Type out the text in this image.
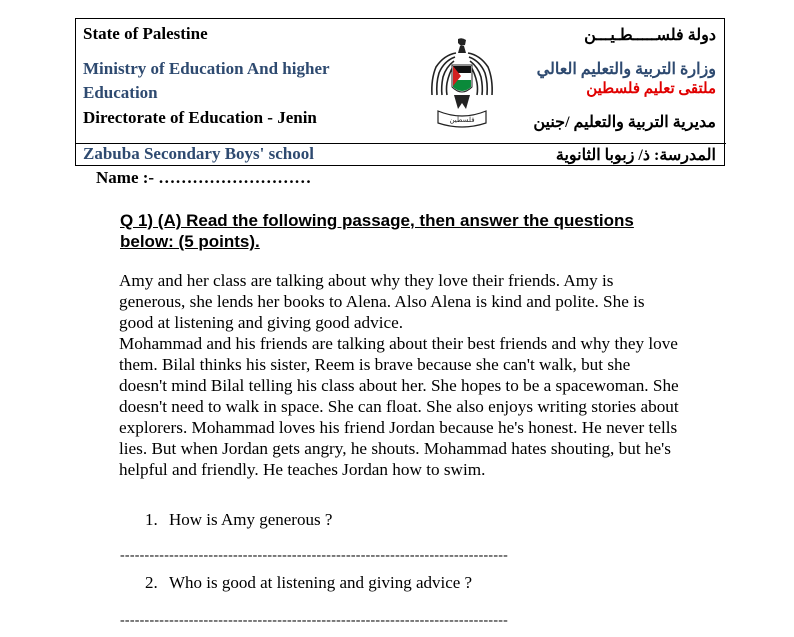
State of Palestine
Ministry of Education And higher
Education
Directorate of Education - Jenin
Zabuba Secondary Boys' school
دولة فلســـــطـيـــن
وزارة التربية والتعليم العالي
ملتقى تعليم فلسطين
مديرية التربية والتعليم /جنين
المدرسة: ذ/ زبوبا الثانوية
فلسطين
Name :- ………………………
Q 1) (A) Read the following passage, then answer the questions below: (5 points).

Amy and her class are talking about why they love their friends. Amy is generous, she lends her books to Alena. Also Alena is kind and polite. She is good at listening and giving good advice.

Mohammad and his friends are talking about their best friends and why they love them. Bilal thinks his sister, Reem is brave because she can't walk, but she doesn't mind Bilal telling his class about her. She hopes to be a spacewoman. She doesn't need to walk in space. She can float. She also enjoys writing stories about explorers. Mohammad loves his friend Jordan because he's honest. He never tells lies. But when Jordan gets angry, he shouts. Mohammad hates shouting, but he's helpful and friendly. He teaches Jordan how to swim.

1. How is Amy generous ?
-------------------------------------------------------------------------------
2. Who is good at listening and giving advice ?
-------------------------------------------------------------------------------
